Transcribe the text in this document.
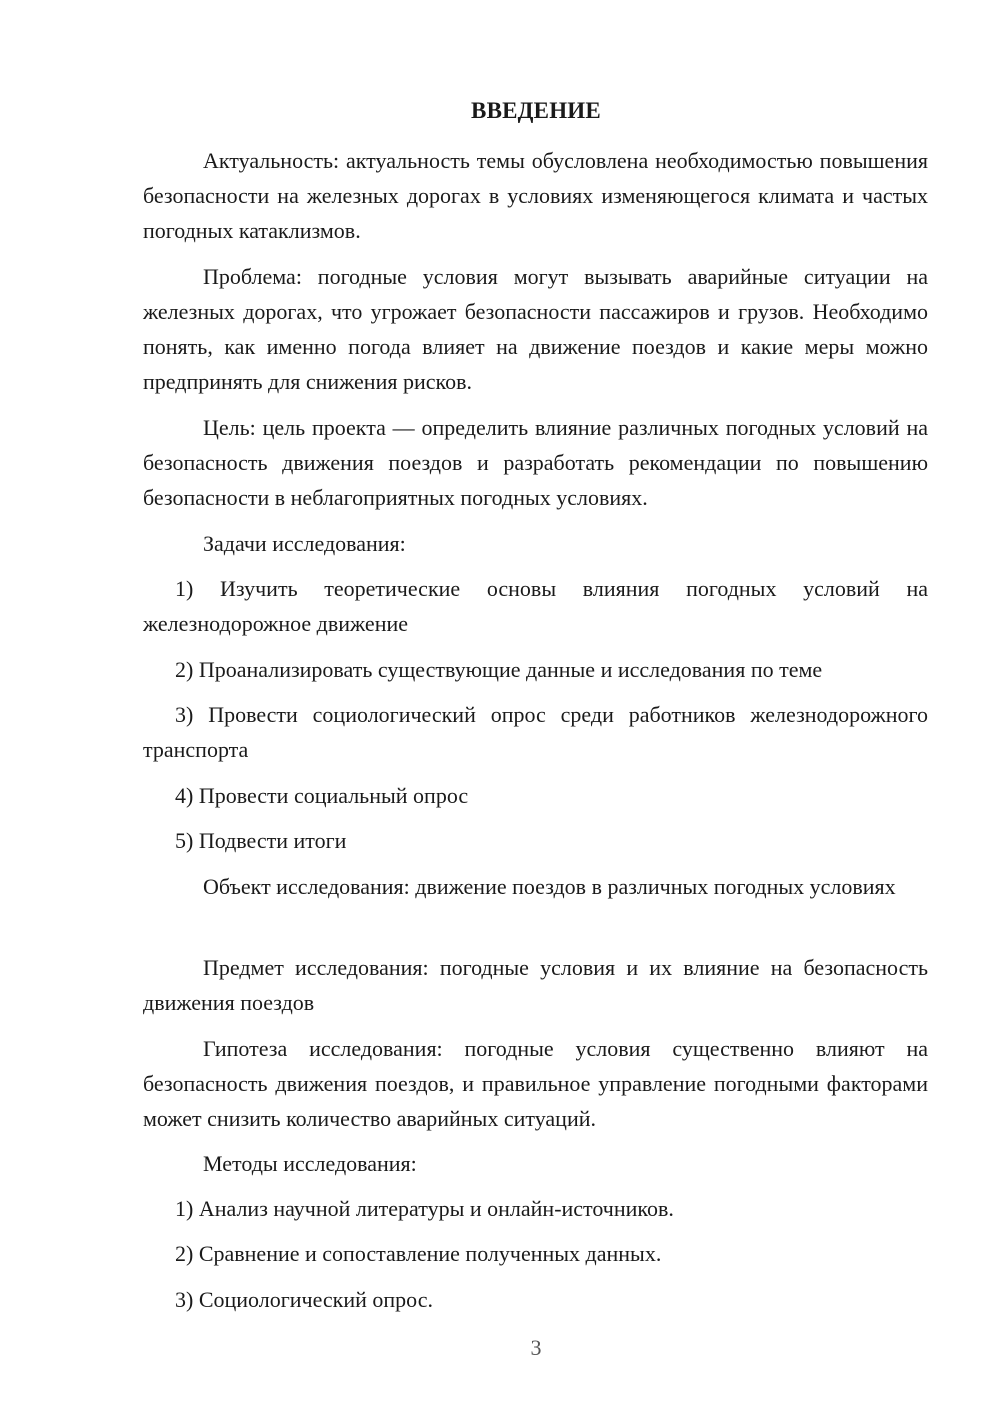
ВВЕДЕНИЕ

Актуальность: актуальность темы обусловлена необходимостью повышения безопасности на железных дорогах в условиях изменяющегося климата и частых погодных катаклизмов.

Проблема: погодные условия могут вызывать аварийные ситуации на железных дорогах, что угрожает безопасности пассажиров и грузов. Необходимо понять, как именно погода влияет на движение поездов и какие меры можно предпринять для снижения рисков.

Цель: цель проекта — определить влияние различных погодных условий на безопасность движения поездов и разработать рекомендации по повышению безопасности в неблагоприятных погодных условиях.

Задачи исследования:

1) Изучить теоретические основы влияния погодных условий на железнодорожное движение

2) Проанализировать существующие данные и исследования по теме

3) Провести социологический опрос среди работников железнодорожного транспорта

4) Провести социальный опрос

5) Подвести итоги

Объект исследования: движение поездов в различных погодных условиях

Предмет исследования: погодные условия и их влияние на безопасность движения поездов

Гипотеза исследования: погодные условия существенно влияют на безопасность движения поездов, и правильное управление погодными факторами может снизить количество аварийных ситуаций.

Методы исследования:

1) Анализ научной литературы и онлайн-источников.

2) Сравнение и сопоставление полученных данных.

3) Социологический опрос.

3
